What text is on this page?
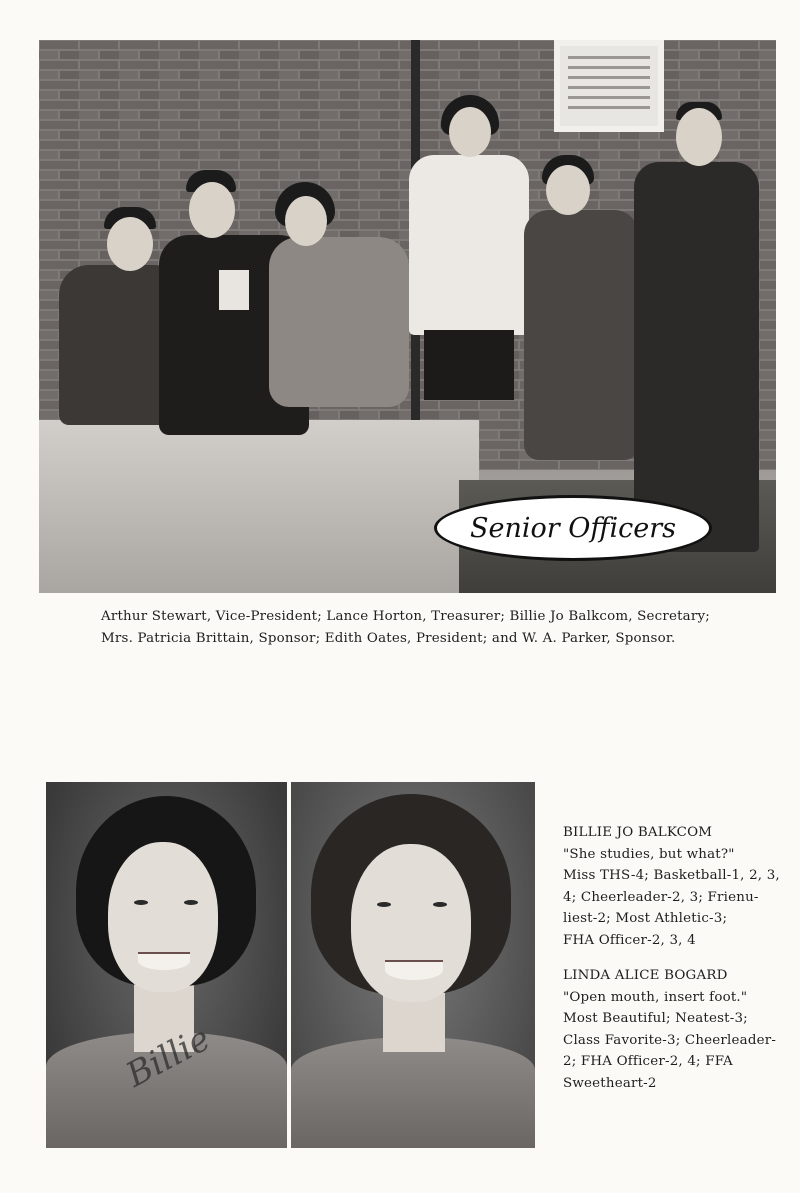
Senior Officers
Arthur Stewart, Vice-President; Lance Horton, Treasurer; Billie Jo Balkcom, Secretary;
Mrs. Patricia Brittain, Sponsor; Edith Oates, President; and W. A. Parker, Sponsor.
Billie

BILLIE JO BALKCOM

"She studies, but what?"

Miss THS-4; Basketball-1, 2, 3,

4; Cheerleader-2, 3; Frienu-

liest-2; Most Athletic-3;

FHA Officer-2, 3, 4

LINDA ALICE BOGARD

"Open mouth, insert foot."

Most Beautiful; Neatest-3;

Class Favorite-3; Cheerleader-

2; FHA Officer-2, 4; FFA

Sweetheart-2
